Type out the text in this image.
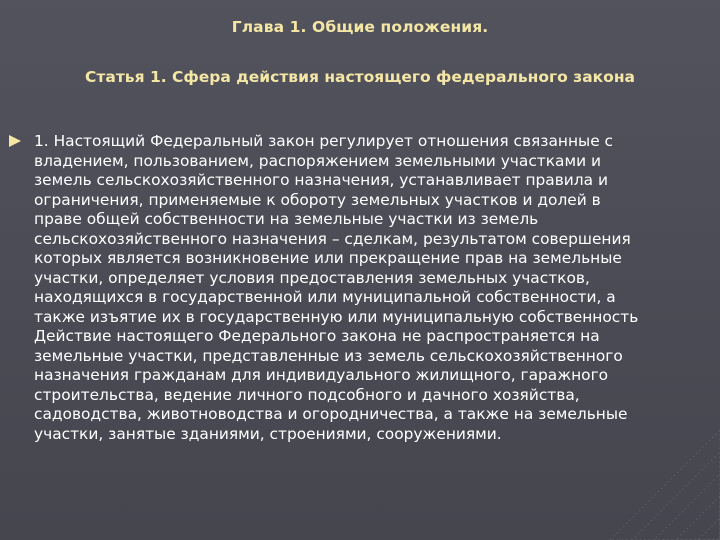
Глава 1. Общие положения.
Статья 1. Сфера действия настоящего федерального закона
1. Настоящий Федеральный закон регулирует отношения связанные с
владением, пользованием, распоряжением земельными участками и
земель сельскохозяйственного назначения, устанавливает правила и
ограничения, применяемые к обороту земельных участков и долей в
праве общей собственности на земельные участки из земель
сельскохозяйственного назначения – сделкам, результатом совершения
которых является возникновение или прекращение прав на земельные
участки, определяет условия предоставления земельных участков,
находящихся в государственной или муниципальной собственности, а
также изъятие их в государственную или муниципальную собственность
Действие настоящего Федерального закона не распространяется на
земельные участки, представленные из земель сельскохозяйственного
назначения гражданам для индивидуального жилищного, гаражного
строительства, ведение личного подсобного и дачного хозяйства,
садоводства, животноводства и огородничества, а также на земельные
участки, занятые зданиями, строениями, сооружениями.
